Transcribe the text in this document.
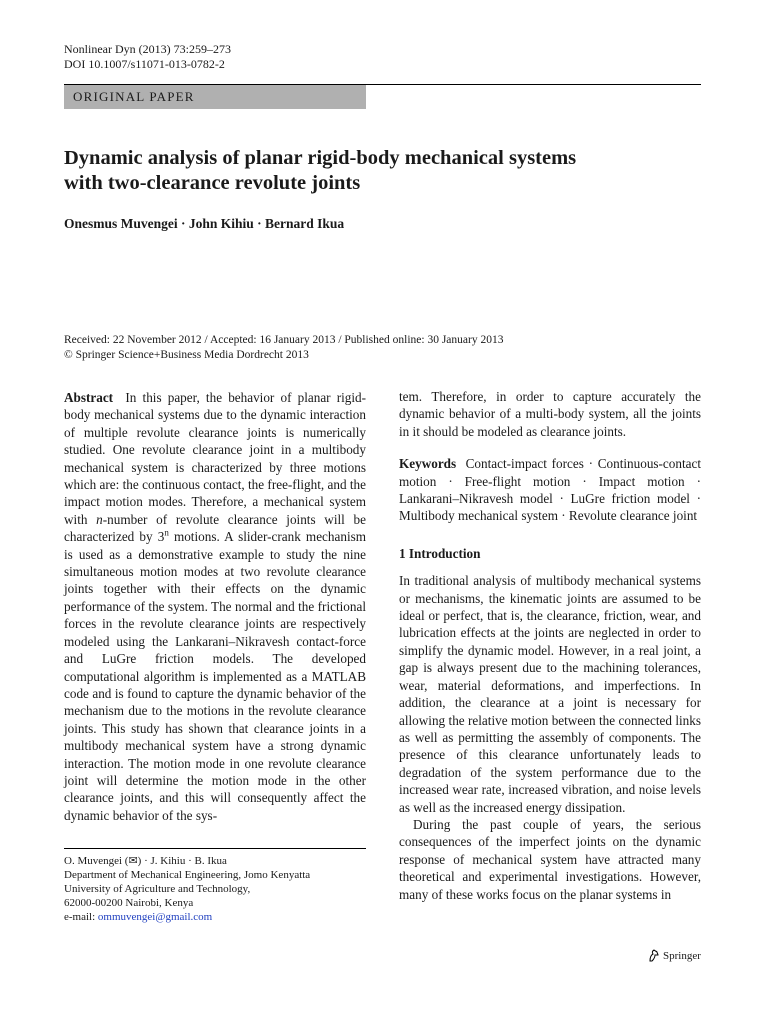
Nonlinear Dyn (2013) 73:259–273
DOI 10.1007/s11071-013-0782-2
ORIGINAL PAPER
Dynamic analysis of planar rigid-body mechanical systems
with two-clearance revolute joints
Onesmus Muvengei · John Kihiu · Bernard Ikua
Received: 22 November 2012 / Accepted: 16 January 2013 / Published online: 30 January 2013
© Springer Science+Business Media Dordrecht 2013

Abstract In this paper, the behavior of planar rigid-body mechanical systems due to the dynamic interaction of multiple revolute clearance joints is numerically studied. One revolute clearance joint in a multibody mechanical system is characterized by three motions which are: the continuous contact, the free-flight, and the impact motion modes. Therefore, a mechanical system with n-number of revolute clearance joints will be characterized by 3$^n$ motions. A slider-crank mechanism is used as a demonstrative example to study the nine simultaneous motion modes at two revolute clearance joints together with their effects on the dynamic performance of the system. The normal and the frictional forces in the revolute clearance joints are respectively modeled using the Lankarani–Nikravesh contact-force and LuGre friction models. The developed computational algorithm is implemented as a MATLAB code and is found to capture the dynamic behavior of the mechanism due to the motions in the revolute clearance joints. This study has shown that clearance joints in a multibody mechanical system have a strong dynamic interaction. The motion mode in one revolute clearance joint will determine the motion mode in the other clearance joints, and this will consequently affect the dynamic behavior of the sys-

O. Muvengei (✉) · J. Kihiu · B. Ikua
Department of Mechanical Engineering, Jomo Kenyatta
University of Agriculture and Technology,
62000-00200 Nairobi, Kenya
e-mail: ommuvengei@gmail.com

tem. Therefore, in order to capture accurately the dynamic behavior of a multi-body system, all the joints in it should be modeled as clearance joints.

Keywords Contact-impact forces · Continuous-contact motion · Free-flight motion · Impact motion · Lankarani–Nikravesh model · LuGre friction model · Multibody mechanical system · Revolute clearance joint

1 Introduction

In traditional analysis of multibody mechanical systems or mechanisms, the kinematic joints are assumed to be ideal or perfect, that is, the clearance, friction, wear, and lubrication effects at the joints are neglected in order to simplify the dynamic model. However, in a real joint, a gap is always present due to the machining tolerances, wear, material deformations, and imperfections. In addition, the clearance at a joint is necessary for allowing the relative motion between the connected links as well as permitting the assembly of components. The presence of this clearance unfortunately leads to degradation of the system performance due to the increased wear rate, increased vibration, and noise levels as well as the increased energy dissipation.

During the past couple of years, the serious consequences of the imperfect joints on the dynamic response of mechanical system have attracted many theoretical and experimental investigations. However, many of these works focus on the planar systems in

Springer
